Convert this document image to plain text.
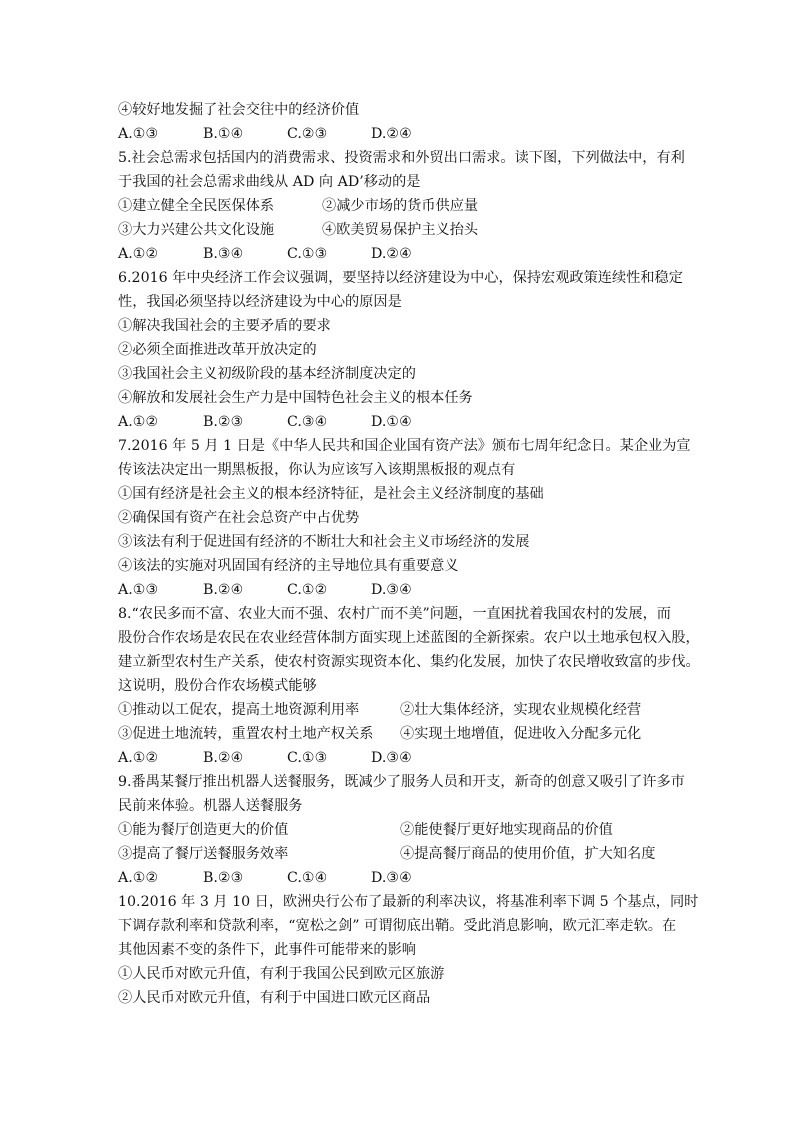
④较好地发掘了社会交往中的经济价值
A.①③	B.①④	C.②③	D.②④
5.社会总需求包括国内的消费需求、投资需求和外贸出口需求。读下图，下列做法中，有利
于我国的社会总需求曲线从 AD 向 AD’移动的是
①建立健全全民医保体系	②减少市场的货币供应量
③大力兴建公共文化设施	④欧美贸易保护主义抬头
A.①②	B.③④	C.①③	D.②④
6.2016 年中央经济工作会议强调，要坚持以经济建设为中心，保持宏观政策连续性和稳定
性，我国必须坚持以经济建设为中心的原因是
①解决我国社会的主要矛盾的要求
②必须全面推进改革开放决定的
③我国社会主义初级阶段的基本经济制度决定的
④解放和发展社会生产力是中国特色社会主义的根本任务
A.①②	B.②③	C.③④	D.①④
7.2016 年 5 月 1 日是《中华人民共和国企业国有资产法》颁布七周年纪念日。某企业为宣
传该法决定出一期黑板报，你认为应该写入该期黑板报的观点有
①国有经济是社会主义的根本经济特征，是社会主义经济制度的基础
②确保国有资产在社会总资产中占优势
③该法有利于促进国有经济的不断壮大和社会主义市场经济的发展
④该法的实施对巩固国有经济的主导地位具有重要意义
A.①③	B.②④	C.①②	D.③④
8.“农民多而不富、农业大而不强、农村广而不美”问题，一直困扰着我国农村的发展，而
股份合作农场是农民在农业经营体制方面实现上述蓝图的全新探索。农户以土地承包权入股，
建立新型农村生产关系，使农村资源实现资本化、集约化发展，加快了农民增收致富的步伐。
这说明，股份合作农场模式能够
①推动以工促农，提高土地资源利用率	②壮大集体经济，实现农业规模化经营
③促进土地流转，重置农村土地产权关系	④实现土地增值，促进收入分配多元化
A.①②	B.②④	C.①③	D.③④
9.番禺某餐厅推出机器人送餐服务，既减少了服务人员和开支，新奇的创意又吸引了许多市
民前来体验。机器人送餐服务
①能为餐厅创造更大的价值	②能使餐厅更好地实现商品的价值
③提高了餐厅送餐服务效率	④提高餐厅商品的使用价值，扩大知名度
A.①②	B.②③	C.①④	D.③④
10.2016 年 3 月 10 日，欧洲央行公布了最新的利率决议，将基准利率下调 5 个基点，同时
下调存款利率和贷款利率，“宽松之剑” 可谓彻底出鞘。受此消息影响，欧元汇率走软。在
其他因素不变的条件下，此事件可能带来的影响
①人民币对欧元升值，有利于我国公民到欧元区旅游
②人民币对欧元升值，有利于中国进口欧元区商品
